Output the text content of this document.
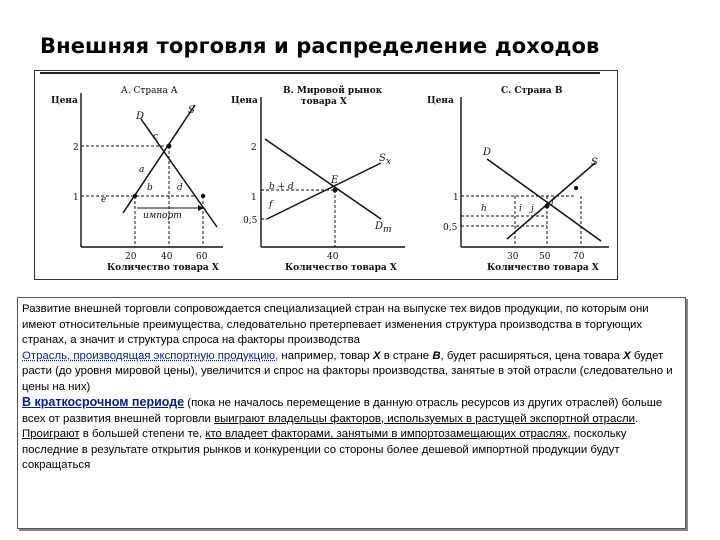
Внешняя торговля и распределение доходов
А. Страна А
Цена
2
1
D
S
c
a
b	d
e
импорт
20	40	60
Количество товара X
В. Мировой рынок
товара X
Цена
2
1
0,5
Sx
Dm
E
b + d
f
40
Количество товара X
С. Страна В
Цена
1
0,5
D
S
h	i j
f
30 50	70
Количество товара X

Развитие внешней торговли сопровождается специализацией стран на выпуске тех видов продукции, по которым они имеют относительные преимущества, следовательно претерпевает изменения структура производства в торгующих странах, а значит и структура спроса на факторы производства

Отрасль, производящая экспортную продукцию, например, товар X в стране В, будет расширяться, цена товара X будет расти (до уровня мировой цены), увеличится и спрос на факторы производства, занятые в этой отрасли (следовательно и цены на них)

В краткосрочном периоде (пока не началось перемещение в данную отрасль ресурсов из других отраслей) больше всех от развития внешней торговли выиграют владельцы факторов, используемых в растущей экспортной отрасли. Проиграют в большей степени те, кто владеет факторами, занятыми в импортозамещающих отраслях, поскольку последние в результате открытия рынков и конкуренции со стороны более дешевой импортной продукции будут сокращаться
